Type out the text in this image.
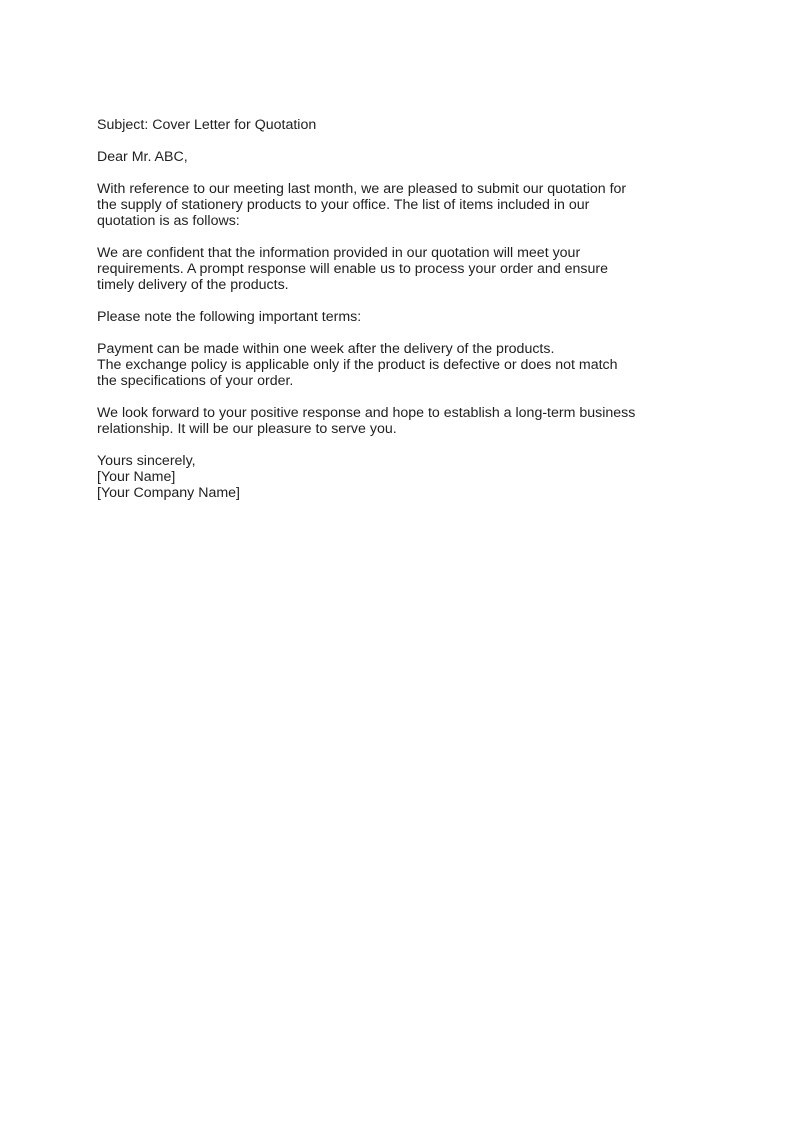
Subject: Cover Letter for Quotation

Dear Mr. ABC,

With reference to our meeting last month, we are pleased to submit our quotation for
the supply of stationery products to your office. The list of items included in our
quotation is as follows:

We are confident that the information provided in our quotation will meet your
requirements. A prompt response will enable us to process your order and ensure
timely delivery of the products.

Please note the following important terms:

Payment can be made within one week after the delivery of the products.
The exchange policy is applicable only if the product is defective or does not match
the specifications of your order.

We look forward to your positive response and hope to establish a long-term business
relationship. It will be our pleasure to serve you.

Yours sincerely,
[Your Name]
[Your Company Name]
